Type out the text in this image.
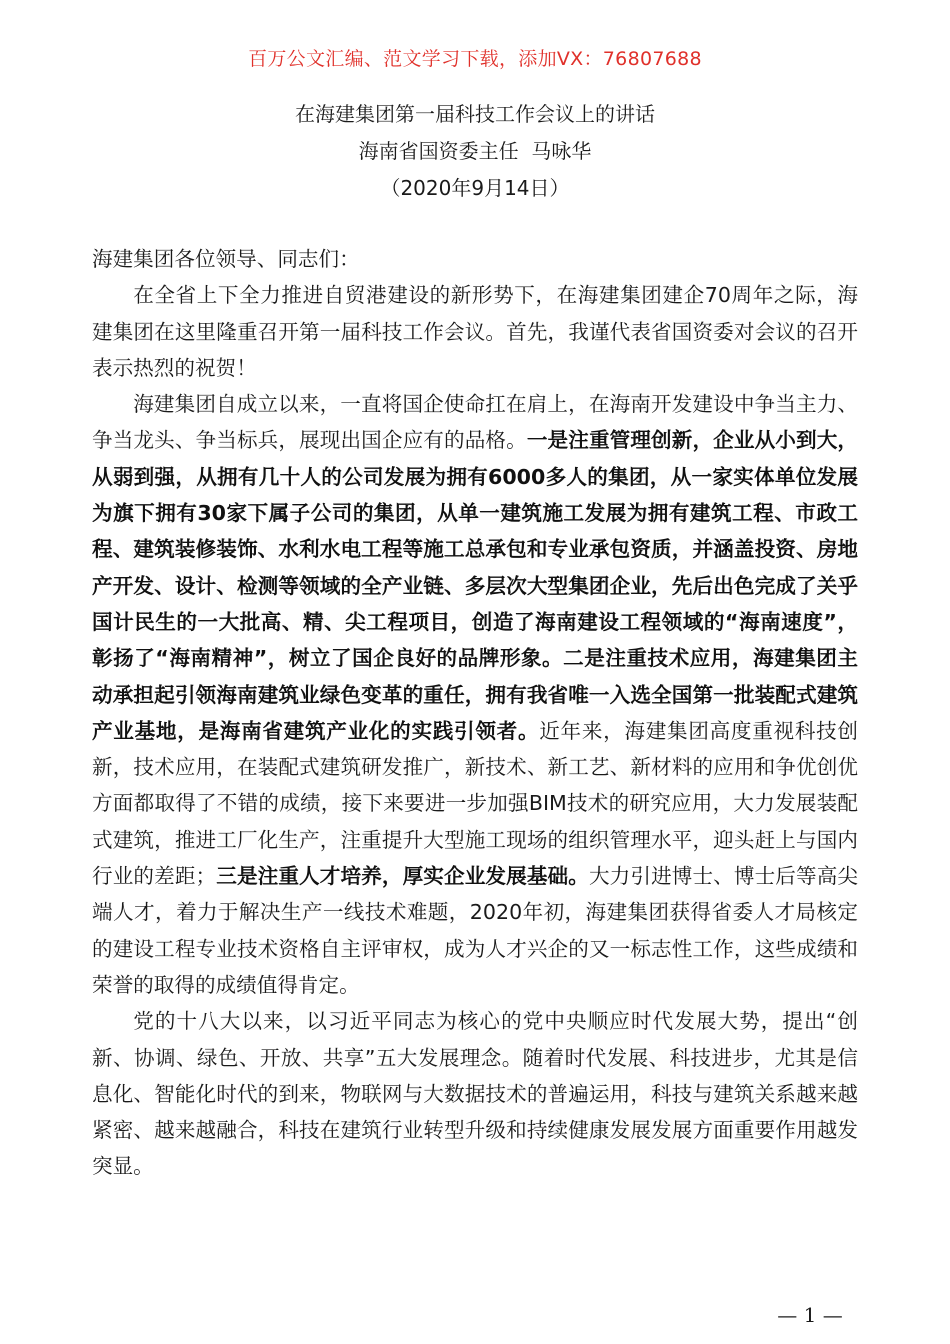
百万公文汇编、范文学习下载，添加VX：76807688
在海建集团第一届科技工作会议上的讲话
海南省国资委主任  马咏华
（2020年9月14日）

海建集团各位领导、同志们：

在全省上下全力推进自贸港建设的新形势下，在海建集团建企70周年之际，海建集团在这里隆重召开第一届科技工作会议。首先，我谨代表省国资委对会议的召开表示热烈的祝贺！

海建集团自成立以来，一直将国企使命扛在肩上，在海南开发建设中争当主力、争当龙头、争当标兵，展现出国企应有的品格。一是注重管理创新，企业从小到大，从弱到强，从拥有几十人的公司发展为拥有6000多人的集团，从一家实体单位发展为旗下拥有30家下属子公司的集团，从单一建筑施工发展为拥有建筑工程、市政工程、建筑装修装饰、水利水电工程等施工总承包和专业承包资质，并涵盖投资、房地产开发、设计、检测等领域的全产业链、多层次大型集团企业，先后出色完成了关乎国计民生的一大批高、精、尖工程项目，创造了海南建设工程领域的“海南速度”，彰扬了“海南精神”，树立了国企良好的品牌形象。二是注重技术应用，海建集团主动承担起引领海南建筑业绿色变革的重任，拥有我省唯一入选全国第一批装配式建筑产业基地，是海南省建筑产业化的实践引领者。近年来，海建集团高度重视科技创新，技术应用，在装配式建筑研发推广，新技术、新工艺、新材料的应用和争优创优方面都取得了不错的成绩，接下来要进一步加强BIM技术的研究应用，大力发展装配式建筑，推进工厂化生产，注重提升大型施工现场的组织管理水平，迎头赶上与国内行业的差距；三是注重人才培养，厚实企业发展基础。大力引进博士、博士后等高尖端人才，着力于解决生产一线技术难题，2020年初，海建集团获得省委人才局核定的建设工程专业技术资格自主评审权，成为人才兴企的又一标志性工作，这些成绩和荣誉的取得的成绩值得肯定。

党的十八大以来，以习近平同志为核心的党中央顺应时代发展大势，提出“创新、协调、绿色、开放、共享”五大发展理念。随着时代发展、科技进步，尤其是信息化、智能化时代的到来，物联网与大数据技术的普遍运用，科技与建筑关系越来越紧密、越来越融合，科技在建筑行业转型升级和持续健康发展发展方面重要作用越发突显。

— 1 —
